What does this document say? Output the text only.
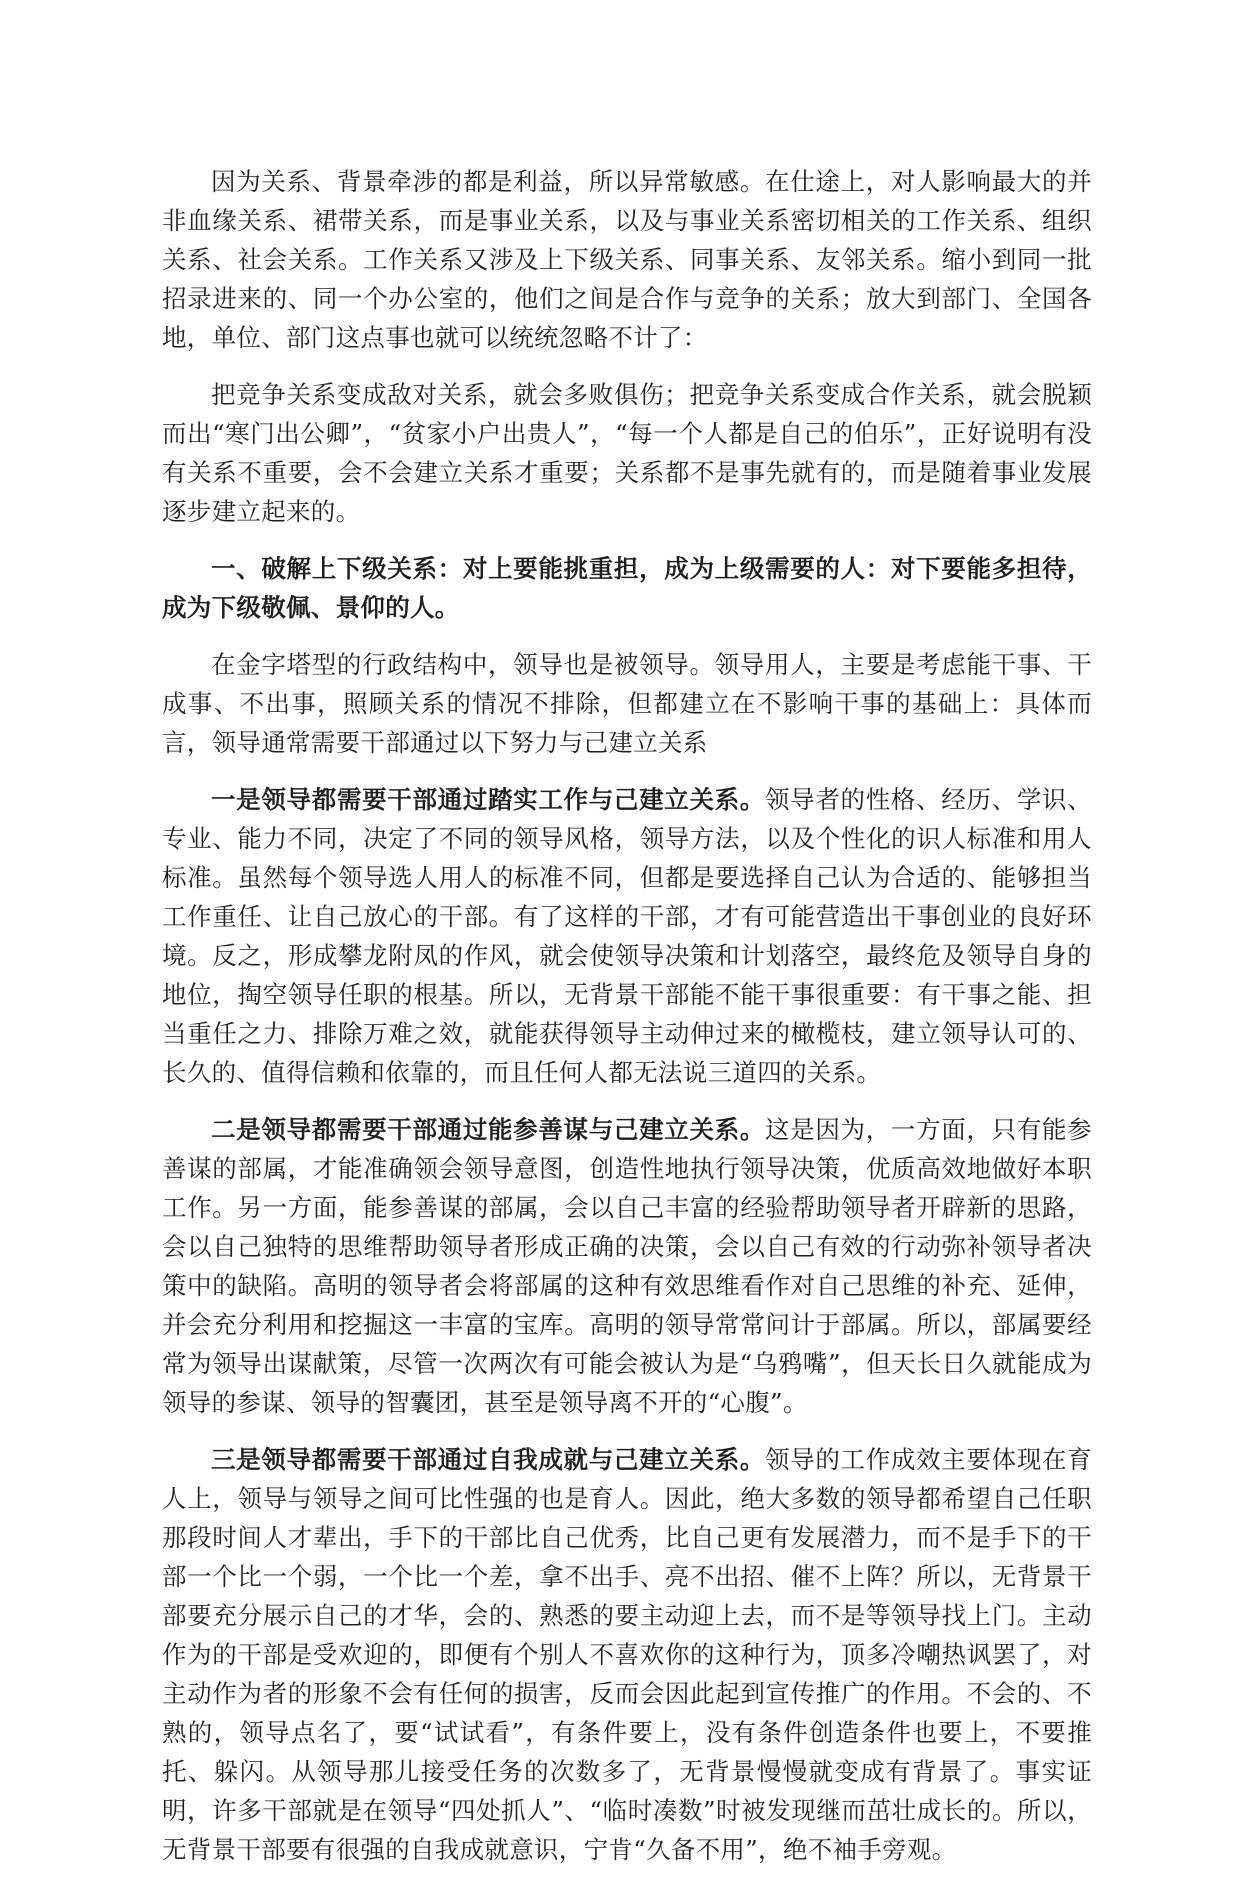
因为关系、背景牵涉的都是利益，所以异常敏感。在仕途上，对人影响最大的并非血缘关系、裙带关系，而是事业关系，以及与事业关系密切相关的工作关系、组织关系、社会关系。工作关系又涉及上下级关系、同事关系、友邻关系。缩小到同一批招录进来的、同一个办公室的，他们之间是合作与竞争的关系；放大到部门、全国各地，单位、部门这点事也就可以统统忽略不计了：

把竞争关系变成敌对关系，就会多败俱伤；把竞争关系变成合作关系，就会脱颖而出“寒门出公卿”，“贫家小户出贵人”，“每一个人都是自己的伯乐”，正好说明有没有关系不重要，会不会建立关系才重要；关系都不是事先就有的，而是随着事业发展逐步建立起来的。

一、破解上下级关系：对上要能挑重担，成为上级需要的人：对下要能多担待，成为下级敬佩、景仰的人。

在金字塔型的行政结构中，领导也是被领导。领导用人，主要是考虑能干事、干成事、不出事，照顾关系的情况不排除，但都建立在不影响干事的基础上：具体而言，领导通常需要干部通过以下努力与己建立关系

一是领导都需要干部通过踏实工作与己建立关系。领导者的性格、经历、学识、专业、能力不同，决定了不同的领导风格，领导方法，以及个性化的识人标准和用人标准。虽然每个领导选人用人的标准不同，但都是要选择自己认为合适的、能够担当工作重任、让自己放心的干部。有了这样的干部，才有可能营造出干事创业的良好环境。反之，形成攀龙附凤的作风，就会使领导决策和计划落空，最终危及领导自身的地位，掏空领导任职的根基。所以，无背景干部能不能干事很重要：有干事之能、担当重任之力、排除万难之效，就能获得领导主动伸过来的橄榄枝，建立领导认可的、长久的、值得信赖和依靠的，而且任何人都无法说三道四的关系。

二是领导都需要干部通过能参善谋与己建立关系。这是因为，一方面，只有能参善谋的部属，才能准确领会领导意图，创造性地执行领导决策，优质高效地做好本职工作。另一方面，能参善谋的部属，会以自己丰富的经验帮助领导者开辟新的思路，会以自己独特的思维帮助领导者形成正确的决策，会以自己有效的行动弥补领导者决策中的缺陷。高明的领导者会将部属的这种有效思维看作对自己思维的补充、延伸，并会充分利用和挖掘这一丰富的宝库。高明的领导常常问计于部属。所以，部属要经常为领导出谋献策，尽管一次两次有可能会被认为是“乌鸦嘴”，但天长日久就能成为领导的参谋、领导的智囊团，甚至是领导离不开的“心腹”。

三是领导都需要干部通过自我成就与己建立关系。领导的工作成效主要体现在育人上，领导与领导之间可比性强的也是育人。因此，绝大多数的领导都希望自己任职那段时间人才辈出，手下的干部比自己优秀，比自己更有发展潜力，而不是手下的干部一个比一个弱，一个比一个差，拿不出手、亮不出招、催不上阵？所以，无背景干部要充分展示自己的才华，会的、熟悉的要主动迎上去，而不是等领导找上门。主动作为的干部是受欢迎的，即便有个别人不喜欢你的这种行为，顶多冷嘲热讽罢了，对主动作为者的形象不会有任何的损害，反而会因此起到宣传推广的作用。不会的、不熟的，领导点名了，要“试试看”，有条件要上，没有条件创造条件也要上，不要推托、躲闪。从领导那儿接受任务的次数多了，无背景慢慢就变成有背景了。事实证明，许多干部就是在领导“四处抓人”、“临时凑数”时被发现继而茁壮成长的。所以，无背景干部要有很强的自我成就意识，宁肯“久备不用”，绝不袖手旁观。
